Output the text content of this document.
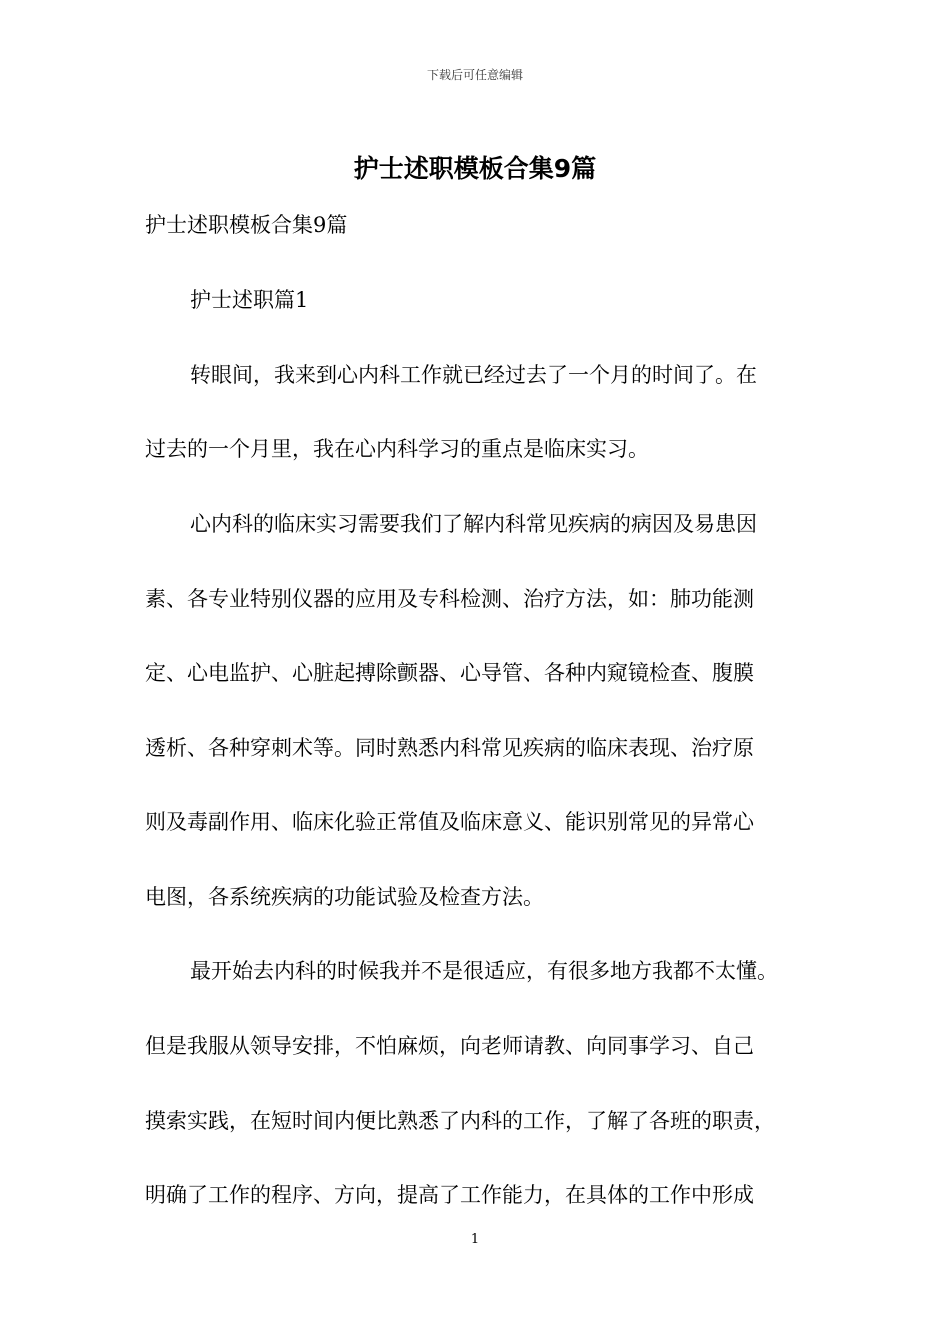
下载后可任意编辑
护士述职模板合集9篇
护士述职模板合集9篇
护士述职篇1
转眼间，我来到心内科工作就已经过去了一个月的时间了。在
过去的一个月里，我在心内科学习的重点是临床实习。
心内科的临床实习需要我们了解内科常见疾病的病因及易患因
素、各专业特别仪器的应用及专科检测、治疗方法，如：肺功能测
定、心电监护、心脏起搏除颤器、心导管、各种内窥镜检查、腹膜
透析、各种穿刺术等。同时熟悉内科常见疾病的临床表现、治疗原
则及毒副作用、临床化验正常值及临床意义、能识别常见的异常心
电图，各系统疾病的功能试验及检查方法。
最开始去内科的时候我并不是很适应，有很多地方我都不太懂。
但是我服从领导安排，不怕麻烦，向老师请教、向同事学习、自己
摸索实践，在短时间内便比熟悉了内科的工作，了解了各班的职责，
明确了工作的程序、方向，提高了工作能力，在具体的工作中形成
1
